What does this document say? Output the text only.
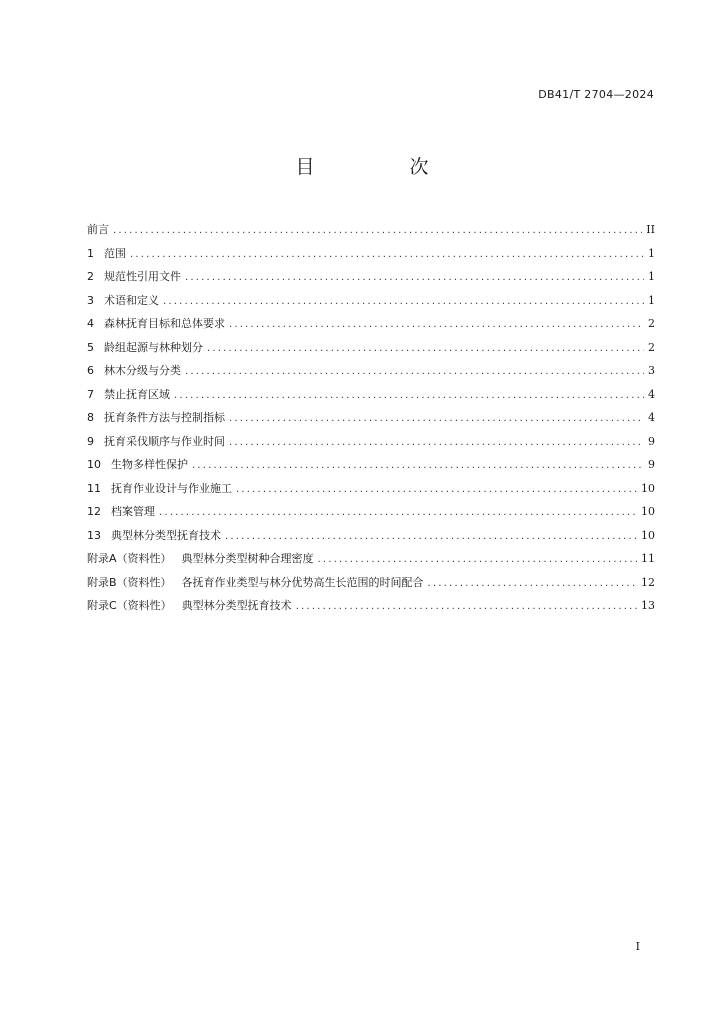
DB41/T 2704—2024
目　次
前言 .....	II
1 范围 .....	1
2 规范性引用文件 .....	1
3 术语和定义 .....	1
4 森林抚育目标和总体要求 .....	2
5 龄组起源与林种划分 .....	2
6 林木分级与分类 .....	3
7 禁止抚育区域 .....	4
8 抚育条件方法与控制指标 .....	4
9 抚育采伐顺序与作业时间 .....	9
10 生物多样性保护 .....	9
11 抚育作业设计与作业施工 .....	10
12 档案管理 .....	10
13 典型林分类型抚育技术 .....	10
附录A（资料性） 典型林分类型树种合理密度 .....	11
附录B（资料性） 各抚育作业类型与林分优势高生长范围的时间配合 .....	12
附录C（资料性） 典型林分类型抚育技术 .....	13
I
